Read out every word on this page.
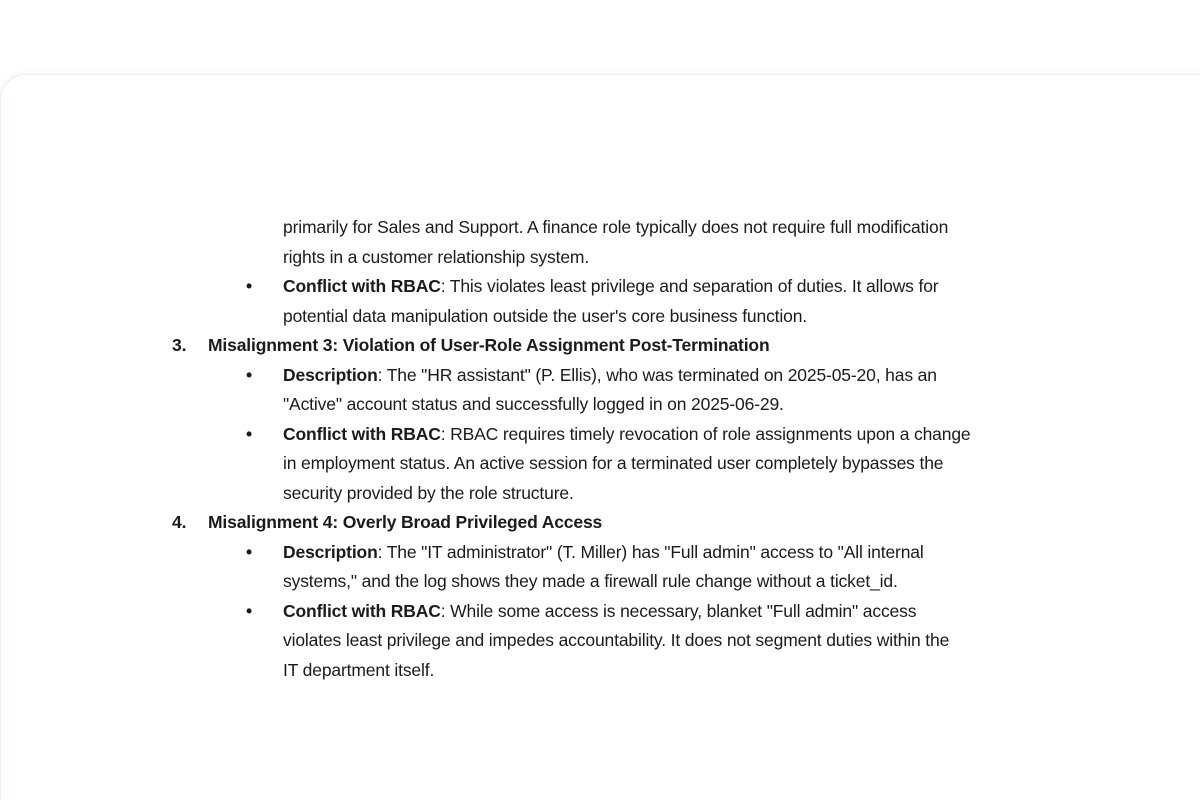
primarily for Sales and Support. A finance role typically does not require full modification
rights in a customer relationship system.
• Conflict with RBAC: This violates least privilege and separation of duties. It allows for
potential data manipulation outside the user's core business function.
3. Misalignment 3: Violation of User-Role Assignment Post-Termination
• Description: The "HR assistant" (P. Ellis), who was terminated on 2025-05-20, has an
"Active" account status and successfully logged in on 2025-06-29.
• Conflict with RBAC: RBAC requires timely revocation of role assignments upon a change
in employment status. An active session for a terminated user completely bypasses the
security provided by the role structure.
4. Misalignment 4: Overly Broad Privileged Access
• Description: The "IT administrator" (T. Miller) has "Full admin" access to "All internal
systems," and the log shows they made a firewall rule change without a ticket_id.
• Conflict with RBAC: While some access is necessary, blanket "Full admin" access
violates least privilege and impedes accountability. It does not segment duties within the
IT department itself.
